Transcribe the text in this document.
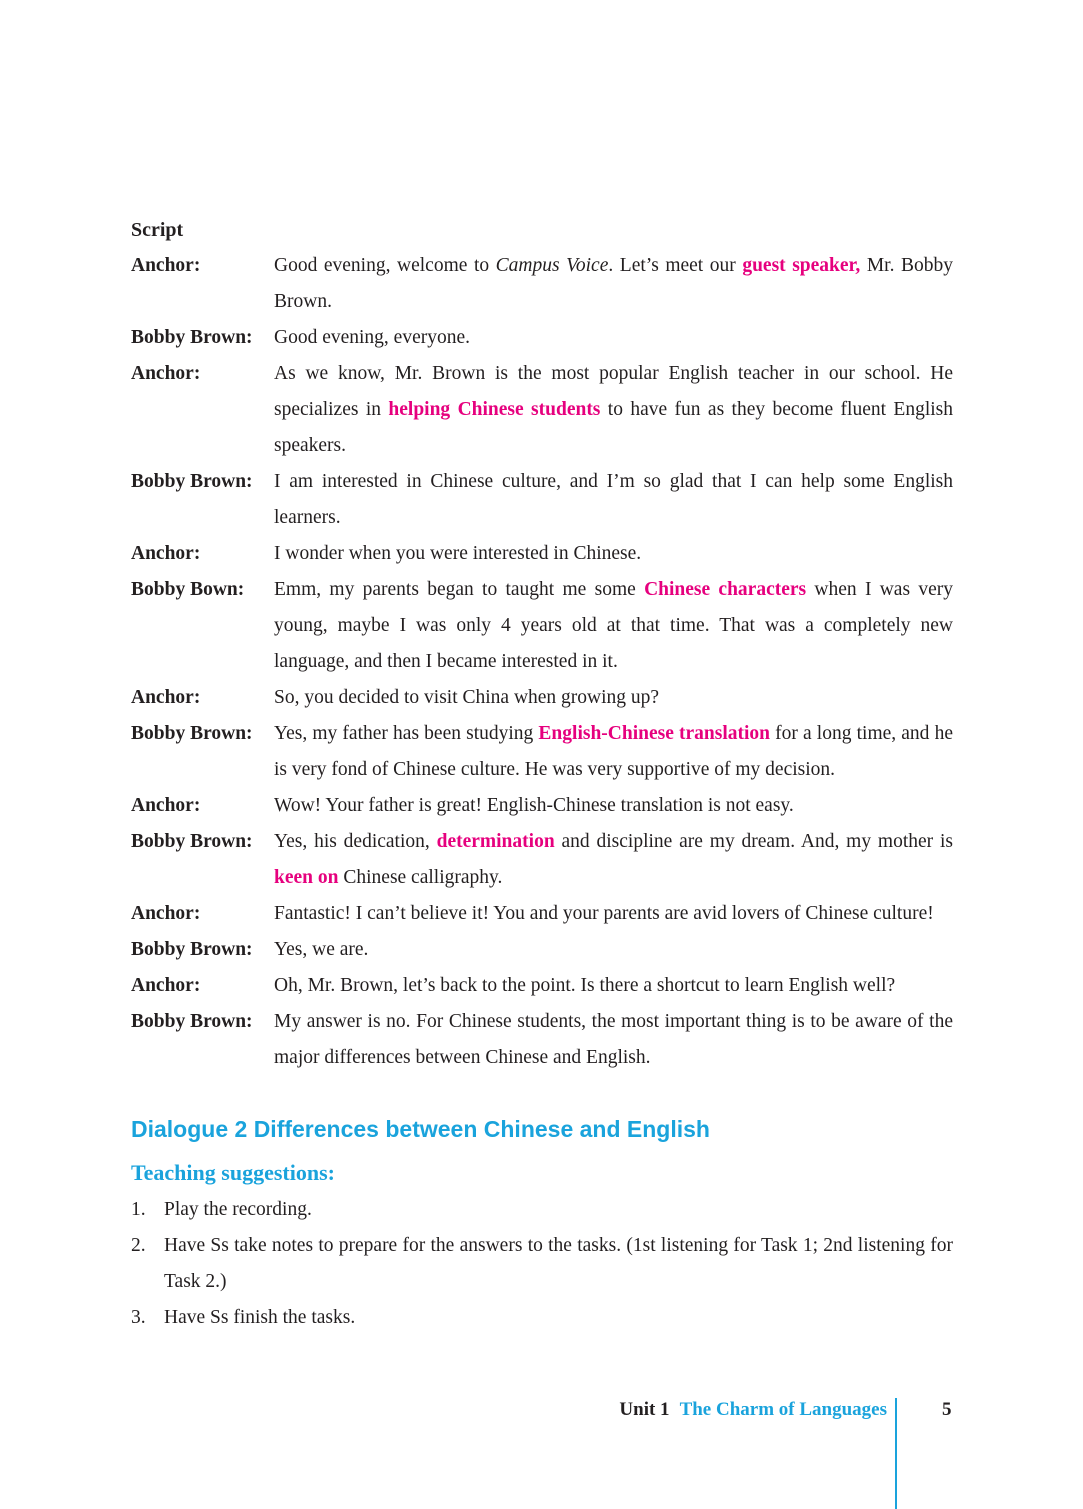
Script
Anchor:	Good evening, welcome to Campus Voice. Let’s meet our guest speaker, Mr. Bobby Brown.
Bobby Brown:	Good evening, everyone.
Anchor:	As we know, Mr. Brown is the most popular English teacher in our school. He specializes in helping Chinese students to have fun as they become fluent English speakers.
Bobby Brown:	I am interested in Chinese culture, and I’m so glad that I can help some English learners.
Anchor:	I wonder when you were interested in Chinese.
Bobby Bown:	Emm, my parents began to taught me some Chinese characters when I was very young, maybe I was only 4 years old at that time. That was a completely new language, and then I became interested in it.
Anchor:	So, you decided to visit China when growing up?
Bobby Brown:	Yes, my father has been studying English-Chinese translation for a long time, and he is very fond of Chinese culture. He was very supportive of my decision.
Anchor:	Wow! Your father is great! English-Chinese translation is not easy.
Bobby Brown:	Yes, his dedication, determination and discipline are my dream. And, my mother is keen on Chinese calligraphy.
Anchor:	Fantastic! I can’t believe it! You and your parents are avid lovers of Chinese culture!
Bobby Brown:	Yes, we are.
Anchor:	Oh, Mr. Brown, let’s back to the point. Is there a shortcut to learn English well?
Bobby Brown:	My answer is no. For Chinese students, the most important thing is to be aware of the major differences between Chinese and English.
Dialogue 2 Differences between Chinese and English
Teaching suggestions:
1. Play the recording.
2. Have Ss take notes to prepare for the answers to the tasks. (1st listening for Task 1; 2nd listening for Task 2.)
3. Have Ss finish the tasks.
Unit 1 The Charm of Languages	5
